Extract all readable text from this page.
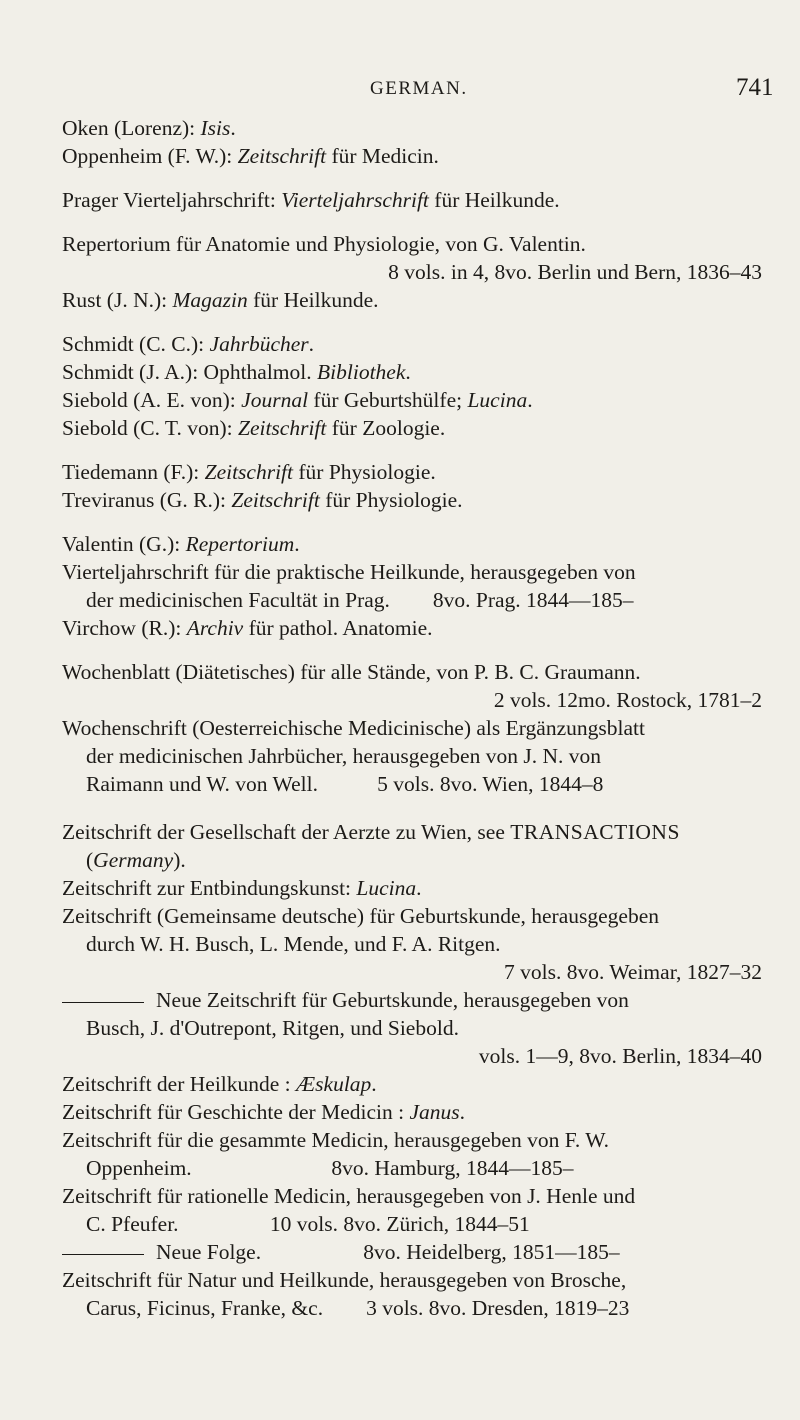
GERMAN.	741

Oken (Lorenz): Isis.

Oppenheim (F. W.): Zeitschrift für Medicin.

Prager Vierteljahrschrift: Vierteljahrschrift für Heilkunde.

Repertorium für Anatomie und Physiologie, von G. Valentin.
8 vols. in 4, 8vo. Berlin und Bern, 1836–43

Rust (J. N.): Magazin für Heilkunde.

Schmidt (C. C.): Jahrbücher.

Schmidt (J. A.): Ophthalmol. Bibliothek.

Siebold (A. E. von): Journal für Geburtshülfe; Lucina.

Siebold (C. T. von): Zeitschrift für Zoologie.

Tiedemann (F.): Zeitschrift für Physiologie.

Treviranus (G. R.): Zeitschrift für Physiologie.

Valentin (G.): Repertorium.

Vierteljahrschrift für die praktische Heilkunde, herausgegeben von
der medicinischen Facultät in Prag.        8vo. Prag. 1844—185–

Virchow (R.): Archiv für pathol. Anatomie.

Wochenblatt (Diätetisches) für alle Stände, von P. B. C. Graumann.
2 vols. 12mo. Rostock, 1781–2

Wochenschrift (Oesterreichische Medicinische) als Ergänzungsblatt
der medicinischen Jahrbücher, herausgegeben von J. N. von
Raimann und W. von Well.           5 vols. 8vo. Wien, 1844–8

Zeitschrift der Gesellschaft der Aerzte zu Wien, see TRANSACTIONS
(Germany).

Zeitschrift zur Entbindungskunst: Lucina.

Zeitschrift (Gemeinsame deutsche) für Geburtskunde, herausgegeben
durch W. H. Busch, L. Mende, und F. A. Ritgen.
7 vols. 8vo. Weimar, 1827–32

Neue Zeitschrift für Geburtskunde, herausgegeben von
Busch, J. d'Outrepont, Ritgen, und Siebold.
vols. 1—9, 8vo. Berlin, 1834–40

Zeitschrift der Heilkunde : Æskulap.

Zeitschrift für Geschichte der Medicin : Janus.

Zeitschrift für die gesammte Medicin, herausgegeben von F. W.
Oppenheim.                          8vo. Hamburg, 1844—185–

Zeitschrift für rationelle Medicin, herausgegeben von J. Henle und
C. Pfeufer.                 10 vols. 8vo. Zürich, 1844–51

Neue Folge.                   8vo. Heidelberg, 1851—185–

Zeitschrift für Natur und Heilkunde, herausgegeben von Brosche,
Carus, Ficinus, Franke, &c.        3 vols. 8vo. Dresden, 1819–23
